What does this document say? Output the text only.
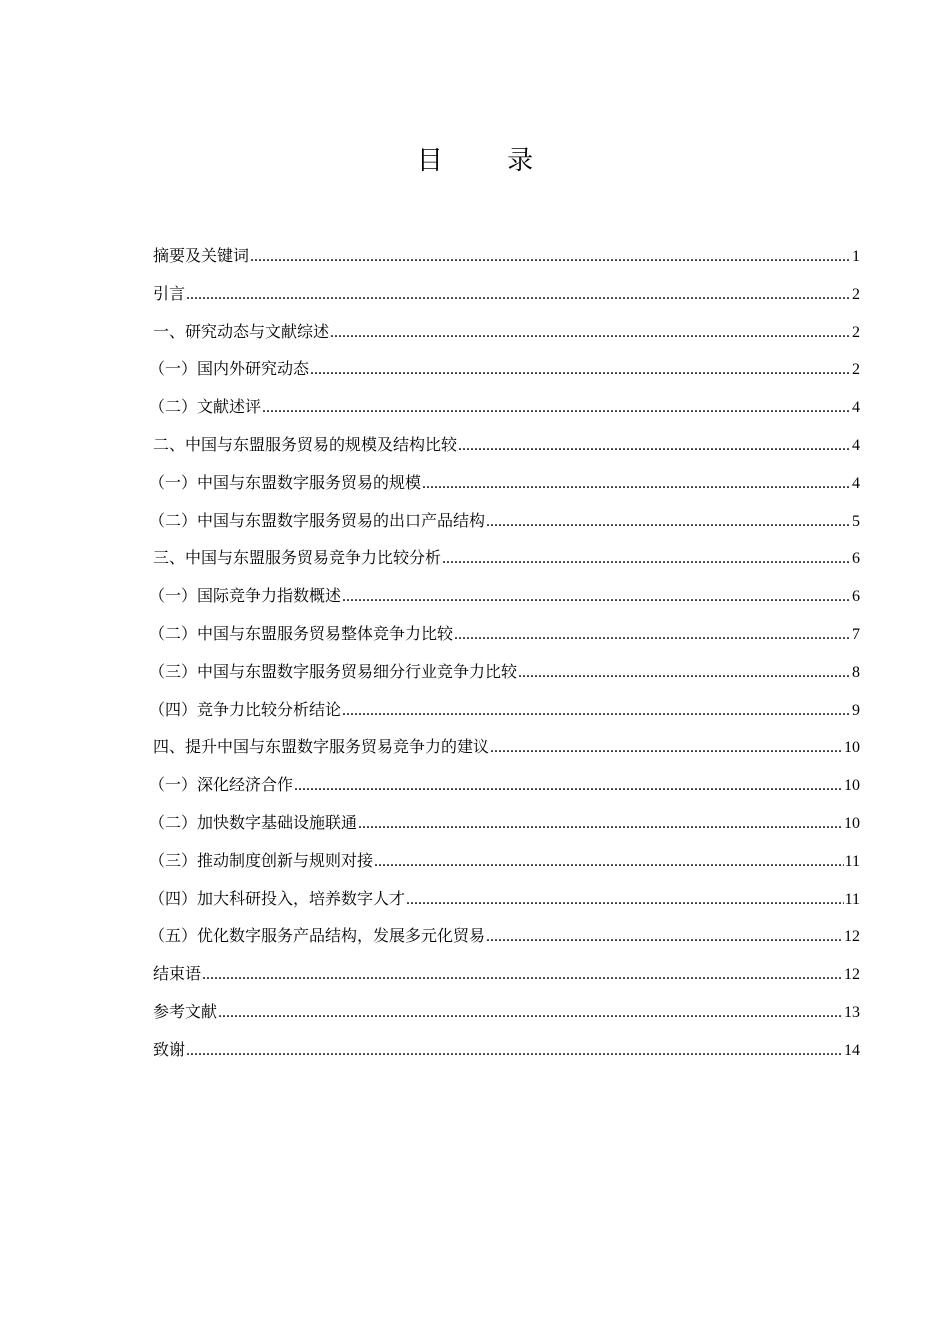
目 录
摘要及关键词 .....	1
引言 .....	2
一、研究动态与文献综述 .....	2
（一）国内外研究动态 .....	2
（二）文献述评 .....	4
二、中国与东盟服务贸易的规模及结构比较 .....	4
（一）中国与东盟数字服务贸易的规模 .....	4
（二）中国与东盟数字服务贸易的出口产品结构 .....	5
三、中国与东盟服务贸易竞争力比较分析 .....	6
（一）国际竞争力指数概述 .....	6
（二）中国与东盟服务贸易整体竞争力比较 .....	7
（三）中国与东盟数字服务贸易细分行业竞争力比较 .....	8
（四）竞争力比较分析结论 .....	9
四、提升中国与东盟数字服务贸易竞争力的建议 .....	10
（一）深化经济合作 .....	10
（二）加快数字基础设施联通 .....	10
（三）推动制度创新与规则对接 .....	11
（四）加大科研投入，培养数字人才 .....	11
（五）优化数字服务产品结构，发展多元化贸易 .....	12
结束语 .....	12
参考文献 .....	13
致谢 .....	14
